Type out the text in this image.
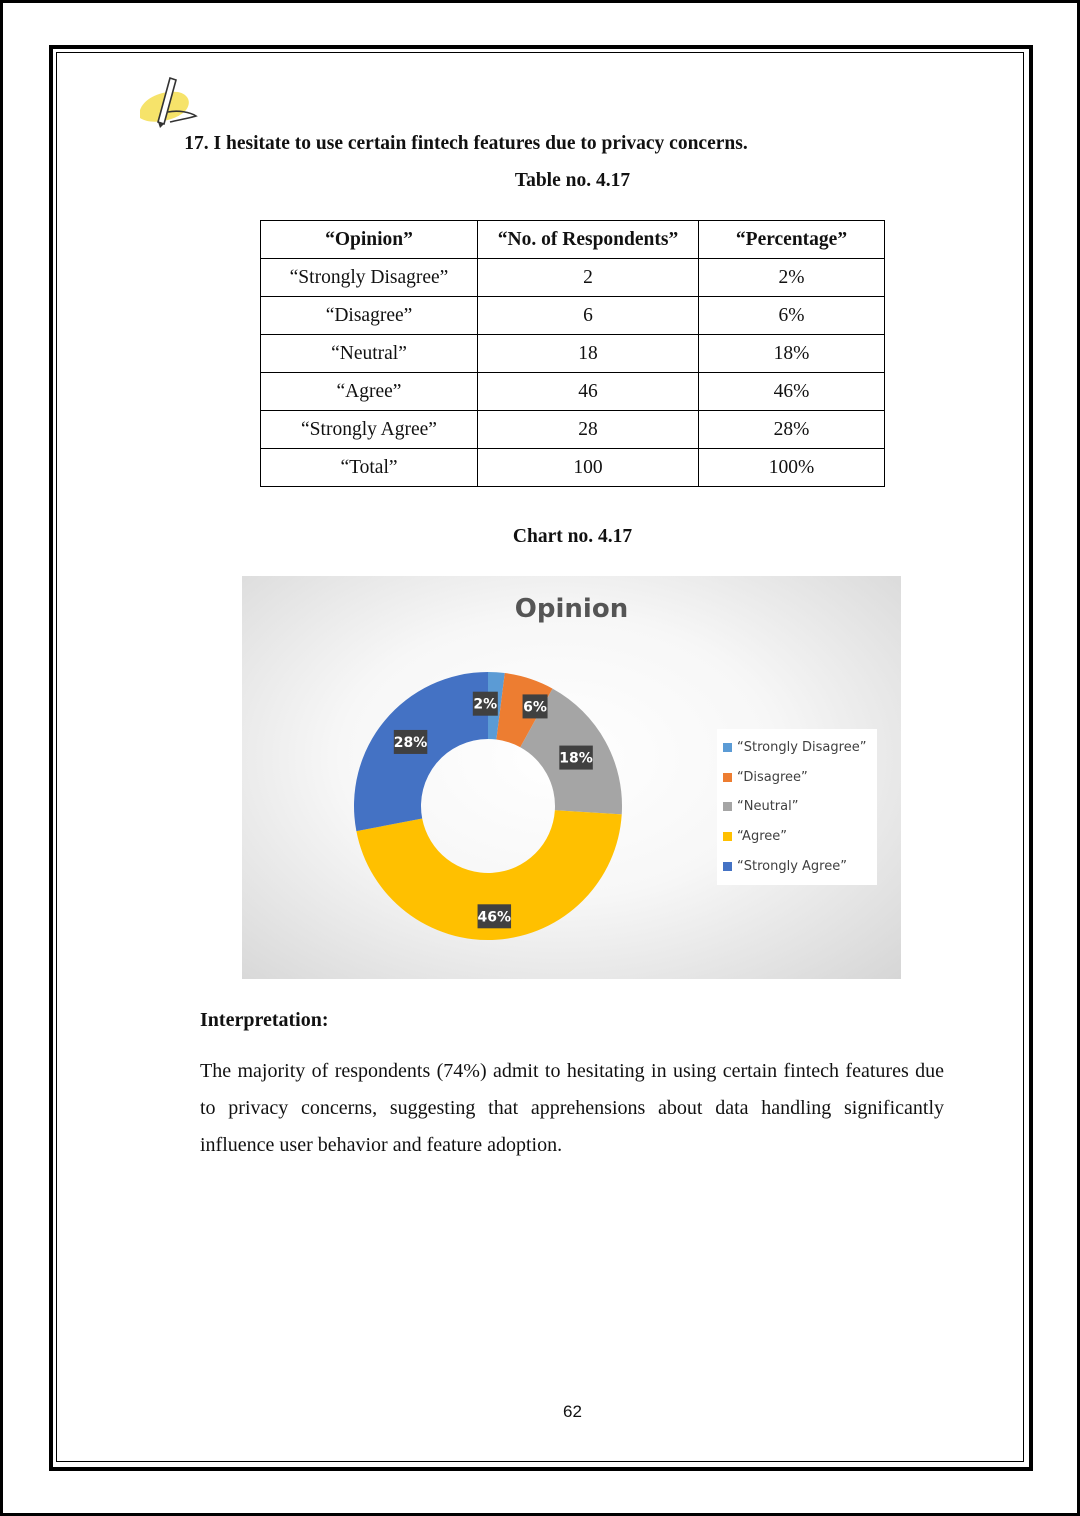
17. I hesitate to use certain fintech features due to privacy concerns.
Table no. 4.17
“Opinion”	“No. of Respondents”	“Percentage”
“Strongly Disagree”	2	2%
“Disagree”	6	6%
“Neutral”	18	18%
“Agree”	46	46%
“Strongly Agree”	28	28%
“Total”	100	100%
Chart no. 4.17
Opinion
2% 6%
18%
46%
28%	“Strongly Disagree”
“Disagree”
“Neutral”
“Agree”
“Strongly Agree”
Interpretation:
The majority of respondents (74%) admit to hesitating in using certain fintech features due to privacy concerns, suggesting that apprehensions about data handling significantly influence user behavior and feature adoption.
62
